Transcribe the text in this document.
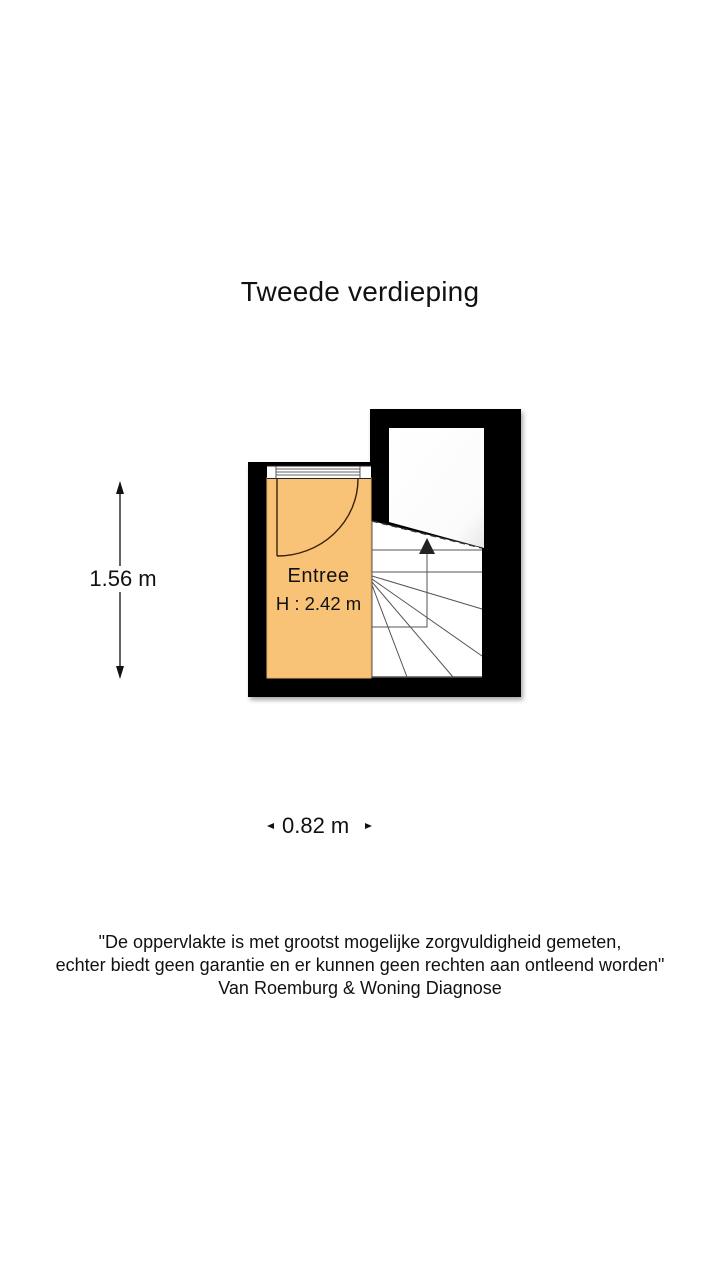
Tweede verdieping
1.56 m
0.82 m
Entree
H : 2.42 m
"De oppervlakte is met grootst mogelijke zorgvuldigheid gemeten,
echter biedt geen garantie en er kunnen geen rechten aan ontleend worden"
Van Roemburg & Woning Diagnose
